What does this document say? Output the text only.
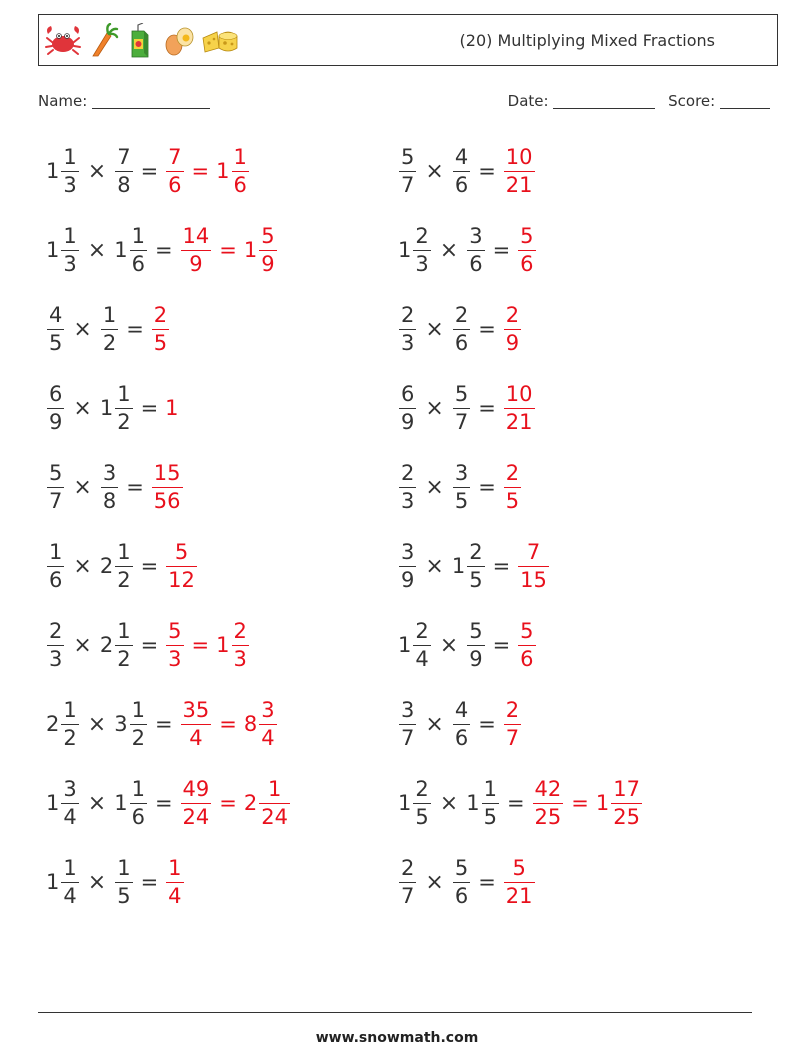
(20) Multiplying Mixed Fractions
Name:	Date:	Score:
$1 \frac{1}{3} \times \frac{7}{8} = \frac{7}{6} = 1 \frac{1}{6}$	$\frac{5}{7} \times \frac{4}{6} = \frac{10}{21}$
$1 \frac{1}{3} \times 1 \frac{1}{6} = \frac{14}{9} = 1 \frac{5}{9}$	$1 \frac{2}{3} \times \frac{3}{6} = \frac{5}{6}$
$\frac{4}{5} \times \frac{1}{2} = \frac{2}{5}$	$\frac{2}{3} \times \frac{2}{6} = \frac{2}{9}$
$\frac{6}{9} \times 1 \frac{1}{2} = 1$	$\frac{6}{9} \times \frac{5}{7} = \frac{10}{21}$
$\frac{5}{7} \times \frac{3}{8} = \frac{15}{56}$	$\frac{2}{3} \times \frac{3}{5} = \frac{2}{5}$
$\frac{1}{6} \times 2 \frac{1}{2} = \frac{5}{12}$	$\frac{3}{9} \times 1 \frac{2}{5} = \frac{7}{15}$
$\frac{2}{3} \times 2 \frac{1}{2} = \frac{5}{3} = 1 \frac{2}{3}$	$1 \frac{2}{4} \times \frac{5}{9} = \frac{5}{6}$
$2 \frac{1}{2} \times 3 \frac{1}{2} = \frac{35}{4} = 8 \frac{3}{4}$	$\frac{3}{7} \times \frac{4}{6} = \frac{2}{7}$
$1 \frac{3}{4} \times 1 \frac{1}{6} = \frac{49}{24} = 2 \frac{1}{24}$	$1 \frac{2}{5} \times 1 \frac{1}{5} = \frac{42}{25} = 1 \frac{17}{25}$
$1 \frac{1}{4} \times \frac{1}{5} = \frac{1}{4}$	$\frac{2}{7} \times \frac{5}{6} = \frac{5}{21}$
www.snowmath.com
